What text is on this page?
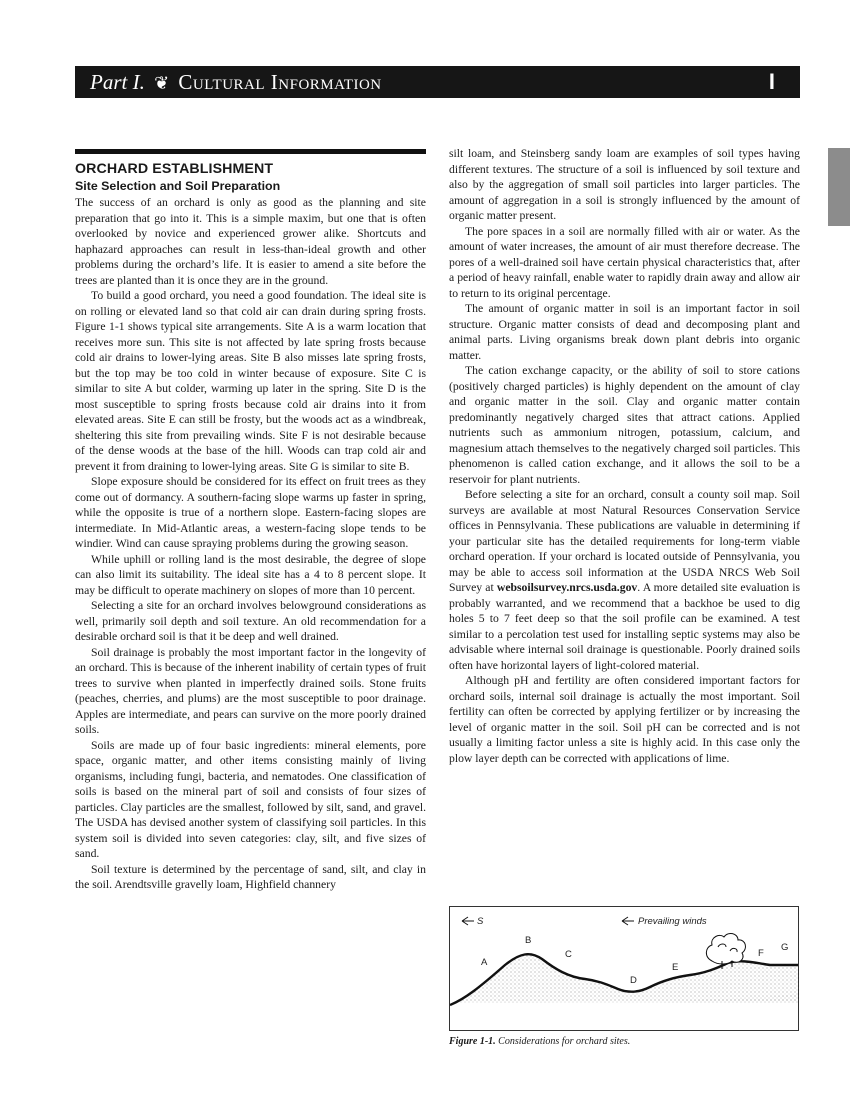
Part I. ❦ Cultural Information	I
ORCHARD ESTABLISHMENT
Site Selection and Soil Preparation

The success of an orchard is only as good as the planning and site preparation that go into it. This is a simple maxim, but one that is often overlooked by novice and experienced grower alike. Shortcuts and haphazard approaches can result in less-than-ideal growth and other problems during the orchard’s life. It is easier to amend a site before the trees are planted than it is once they are in the ground.

To build a good orchard, you need a good foundation. The ideal site is on rolling or elevated land so that cold air can drain during spring frosts. Figure 1-1 shows typical site arrangements. Site A is a warm location that receives more sun. This site is not affected by late spring frosts because cold air drains to lower-lying areas. Site B also misses late spring frosts, but the top may be too cold in winter because of exposure. Site C is similar to site A but colder, warming up later in the spring. Site D is the most susceptible to spring frosts because cold air drains into it from elevated areas. Site E can still be frosty, but the woods act as a windbreak, sheltering this site from prevailing winds. Site F is not desirable because of the dense woods at the base of the hill. Woods can trap cold air and prevent it from draining to lower-lying areas. Site G is similar to site B.

Slope exposure should be considered for its effect on fruit trees as they come out of dormancy. A southern-facing slope warms up faster in spring, while the opposite is true of a northern slope. Eastern-facing slopes are intermediate. In Mid-Atlantic areas, a western-facing slope tends to be windier. Wind can cause spraying problems during the growing season.

While uphill or rolling land is the most desirable, the degree of slope can also limit its suitability. The ideal site has a 4 to 8 percent slope. It may be difficult to operate machinery on slopes of more than 10 percent.

Selecting a site for an orchard involves belowground considerations as well, primarily soil depth and soil texture. An old recommendation for a desirable orchard soil is that it be deep and well drained.

Soil drainage is probably the most important factor in the longevity of an orchard. This is because of the inherent inability of certain types of fruit trees to survive when planted in imperfectly drained soils. Stone fruits (peaches, cherries, and plums) are the most susceptible to poor drainage. Apples are intermediate, and pears can survive on the more poorly drained soils.

Soils are made up of four basic ingredients: mineral elements, pore space, organic matter, and other items consisting mainly of living organisms, including fungi, bacteria, and nematodes. One classification of soils is based on the mineral part of soil and consists of four sizes of particles. Clay particles are the smallest, followed by silt, sand, and gravel. The USDA has devised another system of classifying soil particles. In this system soil is divided into seven categories: clay, silt, and five sizes of sand.

Soil texture is determined by the percentage of sand, silt, and clay in the soil. Arendtsville gravelly loam, Highfield channery

silt loam, and Steinsberg sandy loam are examples of soil types having different textures. The structure of a soil is influenced by soil texture and also by the aggregation of small soil particles into larger particles. The amount of aggregation in a soil is strongly influenced by the amount of organic matter present.

The pore spaces in a soil are normally filled with air or water. As the amount of water increases, the amount of air must therefore decrease. The pores of a well-drained soil have certain physical characteristics that, after a period of heavy rainfall, enable water to rapidly drain away and allow air to return to its original percentage.

The amount of organic matter in soil is an important factor in soil structure. Organic matter consists of dead and decomposing plant and animal parts. Living organisms break down plant debris into organic matter.

The cation exchange capacity, or the ability of soil to store cations (positively charged particles) is highly dependent on the amount of clay and organic matter in the soil. Clay and organic matter contain predominantly negatively charged sites that attract cations. Applied nutrients such as ammonium nitrogen, potassium, calcium, and magnesium attach themselves to the negatively charged soil particles. This phenomenon is called cation exchange, and it allows the soil to be a reservoir for plant nutrients.

Before selecting a site for an orchard, consult a county soil map. Soil surveys are available at most Natural Resources Conservation Service offices in Pennsylvania. These publications are valuable in determining if your particular site has the detailed requirements for long-term viable orchard operation. If your orchard is located outside of Pennsylvania, you may be able to access soil information at the USDA NRCS Web Soil Survey at websoilsurvey.nrcs.usda.gov. A more detailed site evaluation is probably warranted, and we recommend that a backhoe be used to dig holes 5 to 7 feet deep so that the soil profile can be examined. A test similar to a percolation test used for installing septic systems may also be advisable where internal soil drainage is questionable. Poorly drained soils often have horizontal layers of light-colored material.

Although pH and fertility are often considered important factors for orchard soils, internal soil drainage is actually the most important. Soil fertility can often be corrected by applying fertilizer or by increasing the level of organic matter in the soil. Soil pH can be corrected and is not usually a limiting factor unless a site is highly acid. In this case only the plow layer depth can be corrected with applications of lime.

S	Prevailing winds
A
B
C
D
E
F
G
Figure 1-1. Considerations for orchard sites.
